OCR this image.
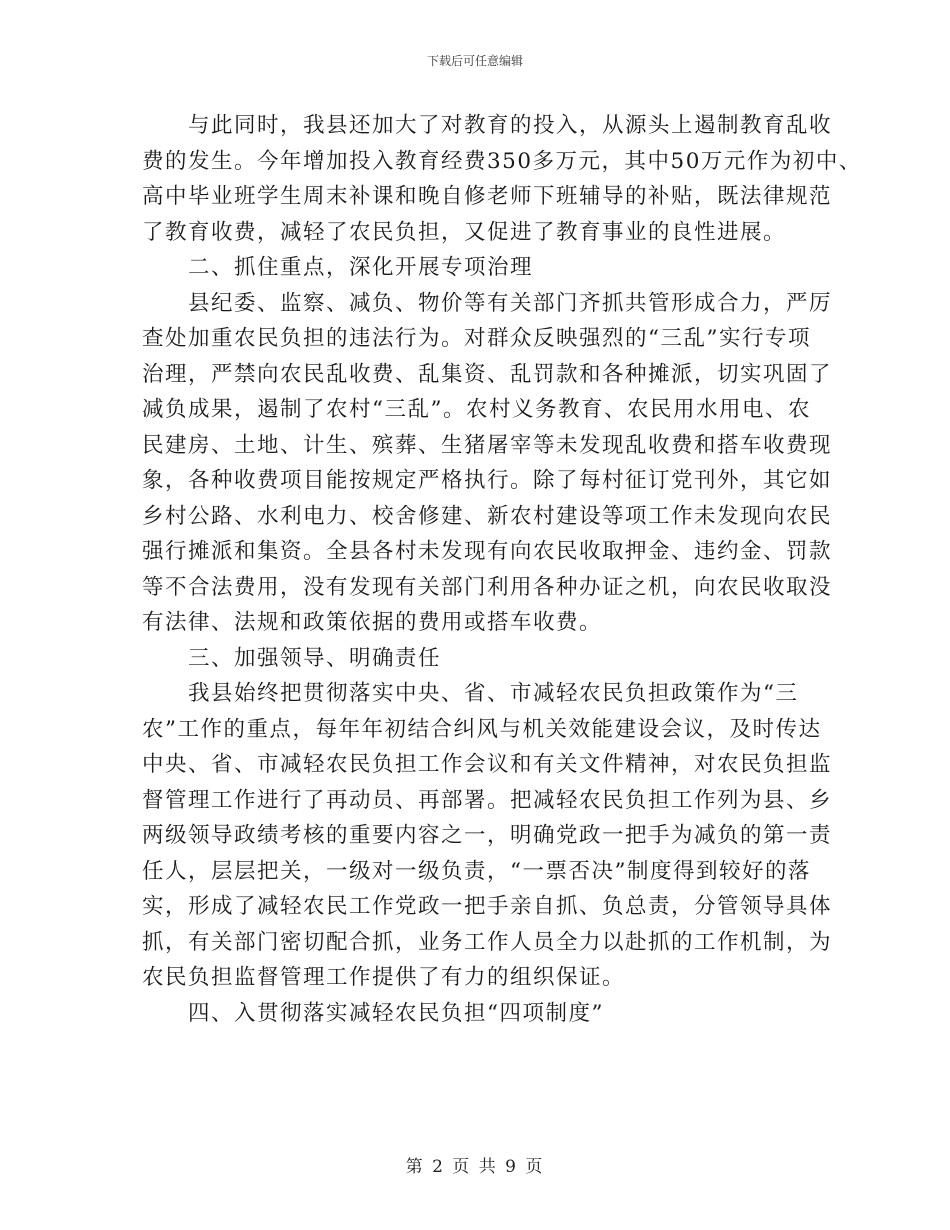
下载后可任意编辑
与此同时，我县还加大了对教育的投入，从源头上遏制教育乱收
费的发生。今年增加投入教育经费350多万元，其中50万元作为初中、
高中毕业班学生周末补课和晚自修老师下班辅导的补贴，既法律规范
了教育收费，减轻了农民负担，又促进了教育事业的良性进展。
二、抓住重点，深化开展专项治理
县纪委、监察、减负、物价等有关部门齐抓共管形成合力，严厉
查处加重农民负担的违法行为。对群众反映强烈的“三乱”实行专项
治理，严禁向农民乱收费、乱集资、乱罚款和各种摊派，切实巩固了
减负成果，遏制了农村“三乱”。农村义务教育、农民用水用电、农
民建房、土地、计生、殡葬、生猪屠宰等未发现乱收费和搭车收费现
象，各种收费项目能按规定严格执行。除了每村征订党刊外，其它如
乡村公路、水利电力、校舍修建、新农村建设等项工作未发现向农民
强行摊派和集资。全县各村未发现有向农民收取押金、违约金、罚款
等不合法费用，没有发现有关部门利用各种办证之机，向农民收取没
有法律、法规和政策依据的费用或搭车收费。
三、加强领导、明确责任
我县始终把贯彻落实中央、省、市减轻农民负担政策作为“三
农”工作的重点，每年年初结合纠风与机关效能建设会议，及时传达
中央、省、市减轻农民负担工作会议和有关文件精神，对农民负担监
督管理工作进行了再动员、再部署。把减轻农民负担工作列为县、乡
两级领导政绩考核的重要内容之一，明确党政一把手为减负的第一责
任人，层层把关，一级对一级负责，“一票否决”制度得到较好的落
实，形成了减轻农民工作党政一把手亲自抓、负总责，分管领导具体
抓，有关部门密切配合抓，业务工作人员全力以赴抓的工作机制，为
农民负担监督管理工作提供了有力的组织保证。
四、入贯彻落实减轻农民负担“四项制度”
第 2 页 共 9 页
